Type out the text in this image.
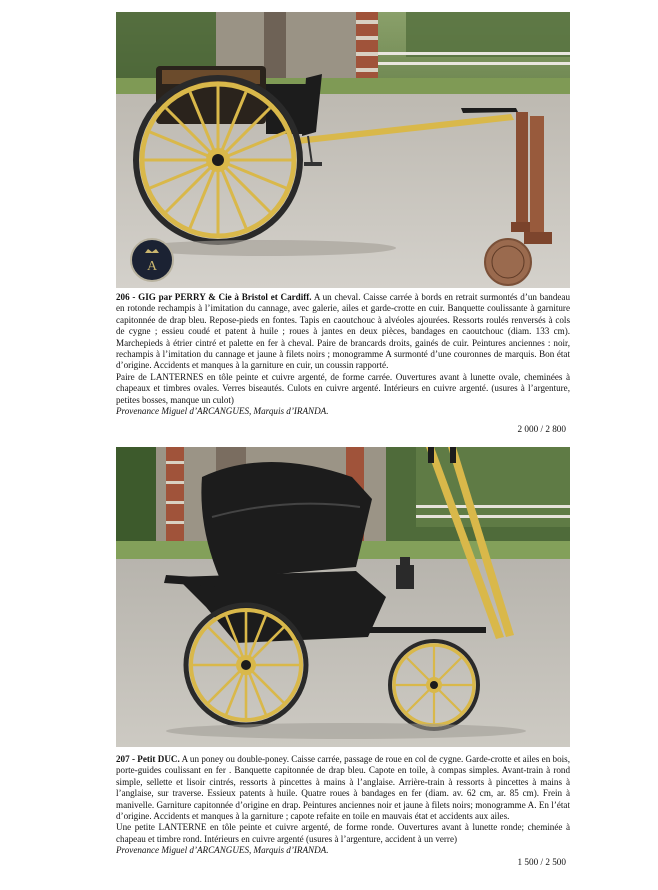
A

206 - GIG par PERRY & Cie à Bristol et Cardiff. A un cheval. Caisse carrée à bords en retrait surmontés d’un bandeau en rotonde rechampis à l’imitation du cannage, avec galerie, ailes et garde-crotte en cuir. Banquette coulissante à garniture capitonnée de drap bleu. Repose-pieds en fontes. Tapis en caoutchouc à alvéoles ajourées. Ressorts roulés renversés à cols de cygne ; essieu coudé et patent à huile ; roues à jantes en deux pièces, bandages en caoutchouc (diam. 133 cm). Marchepieds à étrier cintré et palette en fer à cheval. Paire de brancards droits, gainés de cuir. Peintures anciennes : noir, rechampis à l’imitation du cannage et jaune à filets noirs ; monogramme A surmonté d’une couronnes de marquis. Bon état d’origine. Accidents et manques à la garniture en cuir, un coussin rapporté.

Paire de LANTERNES en tôle peinte et cuivre argenté, de forme carrée. Ouvertures avant à lunette ovale, cheminées à chapeaux et timbres ovales. Verres biseautés. Culots en cuivre argenté. Intérieurs en cuivre argenté. (usures à l’argenture, petites bosses, manque un culot)

Provenance Miguel d’ARCANGUES, Marquis d’IRANDA.

2 000 / 2 800

207 - Petit DUC. A un poney ou double-poney. Caisse carrée, passage de roue en col de cygne. Garde-crotte et ailes en bois, porte-guides coulissant en fer . Banquette capitonnée de drap bleu. Capote en toile, à compas simples. Avant-train à rond simple, sellette et lisoir cintrés, ressorts à pincettes à mains à l’anglaise. Arrière-train à ressorts à pincettes à mains à l’anglaise, sur traverse. Essieux patents à huile. Quatre roues à bandages en fer (diam. av. 62 cm, ar. 85 cm). Frein à manivelle. Garniture capitonnée d’origine en drap. Peintures anciennes noir et jaune à filets noirs; monogramme A. En l’état d’origine. Accidents et manques à la garniture ; capote refaite en toile en mauvais état et accidents aux ailes.

Une petite LANTERNE en tôle peinte et cuivre argenté, de forme ronde. Ouvertures avant à lunette ronde; cheminée à chapeau et timbre rond. Intérieurs en cuivre argenté (usures à l’argenture, accident à un verre)

Provenance Miguel d’ARCANGUES, Marquis d’IRANDA.

1 500 / 2 500
